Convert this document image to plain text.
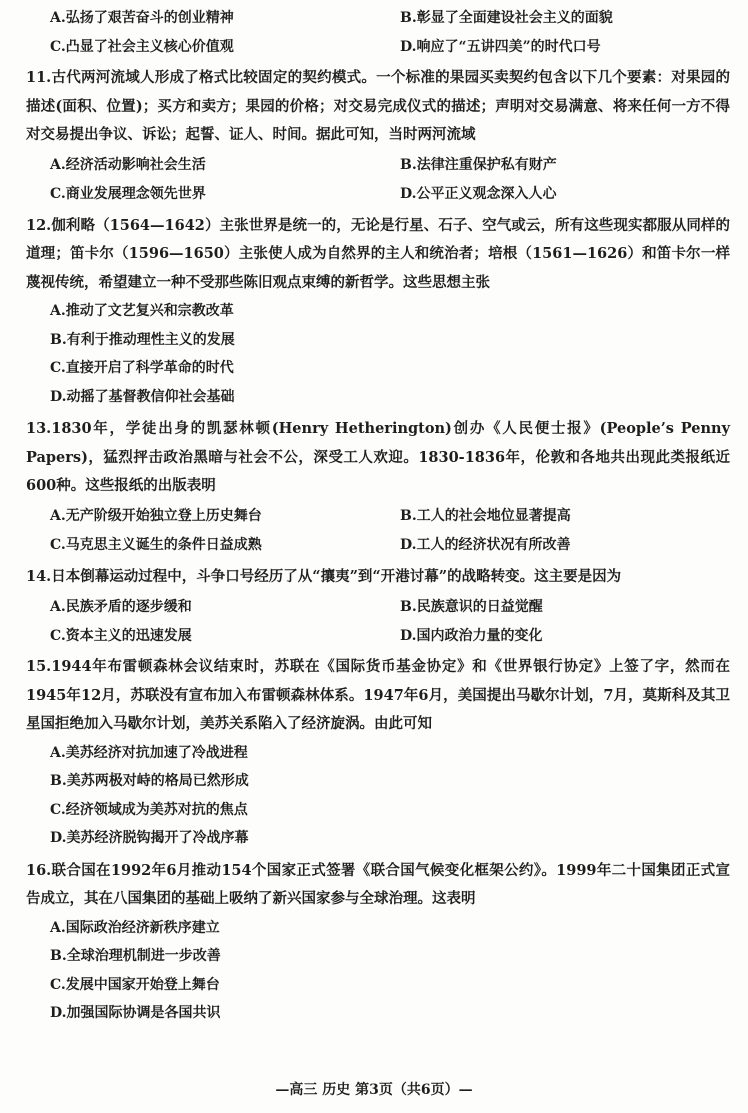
A.弘扬了艰苦奋斗的创业精神	B.彰显了全面建设社会主义的面貌
C.凸显了社会主义核心价值观	D.响应了“五讲四美”的时代口号
11.古代两河流域人形成了格式比较固定的契约模式。一个标准的果园买卖契约包含以下几个要素：对果园的描述(面积、位置)；买方和卖方；果园的价格；对交易完成仪式的描述；声明对交易满意、将来任何一方不得对交易提出争议、诉讼；起誓、证人、时间。据此可知，当时两河流域
A.经济活动影响社会生活	B.法律注重保护私有财产
C.商业发展理念领先世界	D.公平正义观念深入人心
12.伽利略（1564—1642）主张世界是统一的，无论是行星、石子、空气或云，所有这些现实都服从同样的道理；笛卡尔（1596—1650）主张使人成为自然界的主人和统治者；培根（1561—1626）和笛卡尔一样蔑视传统，希望建立一种不受那些陈旧观点束缚的新哲学。这些思想主张
A.推动了文艺复兴和宗教改革
B.有利于推动理性主义的发展
C.直接开启了科学革命的时代
D.动摇了基督教信仰社会基础
13.1830年，学徒出身的凯瑟林顿(Henry Hetherington)创办《人民便士报》(People’s Penny Papers)，猛烈抨击政治黑暗与社会不公，深受工人欢迎。1830-1836年，伦敦和各地共出现此类报纸近600种。这些报纸的出版表明
A.无产阶级开始独立登上历史舞台	B.工人的社会地位显著提高
C.马克思主义诞生的条件日益成熟	D.工人的经济状况有所改善
14.日本倒幕运动过程中，斗争口号经历了从“攘夷”到“开港讨幕”的战略转变。这主要是因为
A.民族矛盾的逐步缓和	B.民族意识的日益觉醒
C.资本主义的迅速发展	D.国内政治力量的变化
15.1944年布雷顿森林会议结束时，苏联在《国际货币基金协定》和《世界银行协定》上签了字，然而在1945年12月，苏联没有宣布加入布雷顿森林体系。1947年6月，美国提出马歇尔计划，7月，莫斯科及其卫星国拒绝加入马歇尔计划，美苏关系陷入了经济旋涡。由此可知
A.美苏经济对抗加速了冷战进程
B.美苏两极对峙的格局已然形成
C.经济领域成为美苏对抗的焦点
D.美苏经济脱钩揭开了冷战序幕
16.联合国在1992年6月推动154个国家正式签署《联合国气候变化框架公约》。1999年二十国集团正式宣告成立，其在八国集团的基础上吸纳了新兴国家参与全球治理。这表明
A.国际政治经济新秩序建立
B.全球治理机制进一步改善
C.发展中国家开始登上舞台
D.加强国际协调是各国共识
—高三 历史 第3页（共6页）—
